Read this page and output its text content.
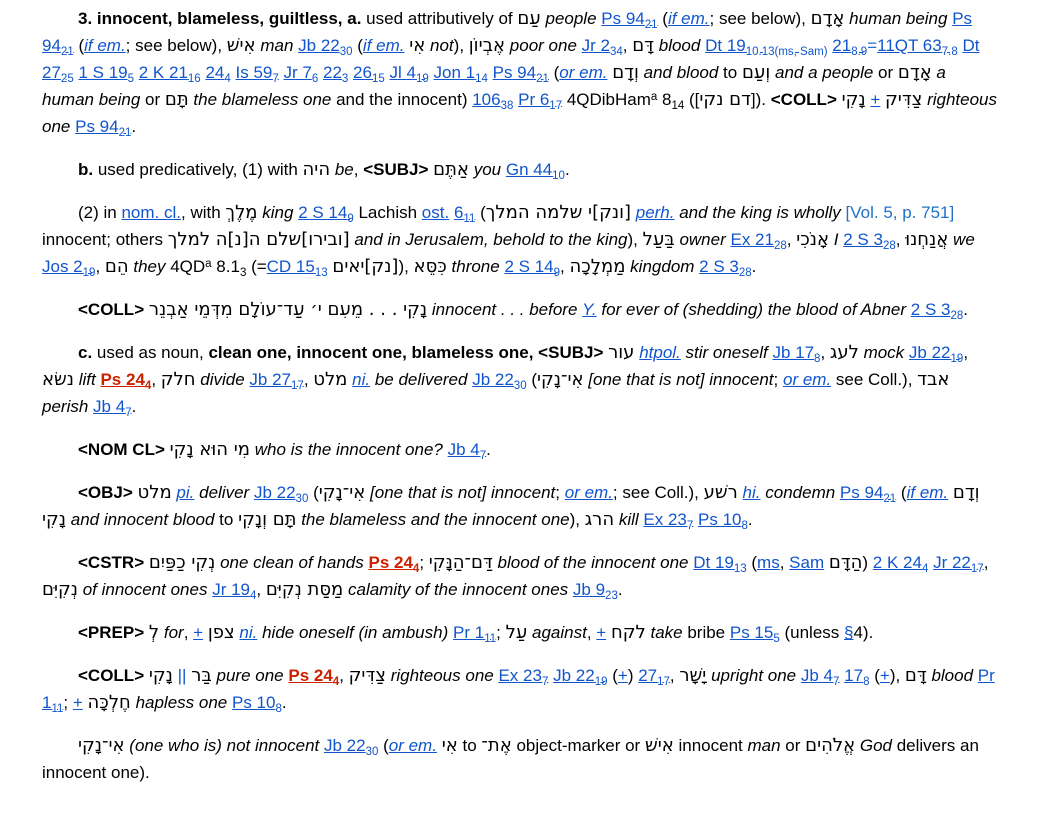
3. innocent, blameless, guiltless, a. used attributively of עַם people Ps $94_{21}$ (if em.; see below), אָדָם human being Ps $94_{21}$ (if em.; see below), אִישׁ man Jb $22_{30}$ (if em. אִי not), אֶבְיוֹן poor one Jr $2_{34}$, דָּם blood Dt $19_{10.13(ms, Sam)}$ $21_{8.9}=11QT$ $63_{7.8}$ Dt $27_{25}$ 1 S $19_5$ 2 K $21_{16}$ $24_4$ Is $59_7$ Jr $7_6$ $22_3$ $26_{15}$ Jl $4_{19}$ Jon $1_{14}$ Ps $94_{21}$ (or em. וְדָם and blood to וְעַם and a people or אָדָם a human being or תָּם the blameless one and the innocent) $106_{38}$ Pr $6_{17}$ 4QDibHam$^a$ $8_{14}$ ([דם נקי]). <COLL> נָקִי + צַדִּיק righteous one Ps $94_{21}$.

b. used predicatively, (1) with היה be, <SUBJ> אַתֶּם you Gn $44_{10}$.

(2) in nom. cl., with מֶלֶךְ king 2 S $14_9$ Lachish ost. $6_{11}$ ([ונק]י שלמה המלך perh. and the king is wholly [Vol. 5, p. 751] innocent; others [ובירו]שלם ה[נ]ה למלך and in Jerusalem, behold to the king), בַּעַל owner Ex $21_{28}$, אָנֹכִי I 2 S $3_{28}$, אֲנַחְנוּ we Jos $2_{19}$, הֵם they $4QD^a$ $8.1_3$ (=CD $15_{13}$ [נק]יאים), כִּסֵּא throne 2 S $14_9$, מַמְלָכָה kingdom 2 S $3_{28}$.

<COLL> נָקִי . . . מֵעִם י׳ עַד־עוֹלָם מִדְּמֵי אַבְנֵר innocent . . . before Y. for ever of (shedding) the blood of Abner 2 S $3_{28}$.

c. used as noun, clean one, innocent one, blameless one, <SUBJ> עור htpol. stir oneself Jb $17_8$, לעג mock Jb $22_{19}$, נשׂא lift Ps $24_4$, חלק divide Jb $27_{17}$, מלט ni. be delivered Jb $22_{30}$ (אִי־נָקִי [one that is not] innocent; or em. see Coll.), אבד perish Jb $4_7$.

<NOM CL> מִי הוּא נָקִי who is the innocent one? Jb $4_7$.

<OBJ> מלט pi. deliver Jb $22_{30}$ (אִי־נָקִי [one that is not] innocent; or em.; see Coll.), רשׁע hi. condemn Ps $94_{21}$ (if em. וְדָם נָקִי and innocent blood to תָּם וְנָקִי the blameless and the innocent one), הרג kill Ex $23_7$ Ps $10_8$.

<CSTR> נְקִי כַפַּיִם one clean of hands Ps $24_4$; דַּם־הַנָּקִי blood of the innocent one Dt $19_{13}$ (ms, Sam הַדָּם) 2 K $24_4$ Jr $22_{17}$, נְקִיִּם of innocent ones Jr $19_4$, מַסַּת נְקִיִּם calamity of the innocent ones Jb $9_{23}$.

<PREP> לְ for, + צפן ni. hide oneself (in ambush) Pr $1_{11}$; עַל against, + לקח take bribe Ps $15_5$ (unless §4).

<COLL> נָקִי || בַּר pure one Ps $24_4$, צַדִּיק righteous one Ex $23_7$ Jb $22_{19}$ (+) $27_{17}$, יָשָׁר upright one Jb $4_7$ $17_8$ (+), דָּם blood Pr $1_{11}$; + חֶלְכָּה hapless one Ps $10_8$.

אִי־נָקִי (one who is) not innocent Jb $22_{30}$ (or em. אִי to אֶת־ object-marker or אִישׁ innocent man or אֱלֹהִים God delivers an innocent one).
